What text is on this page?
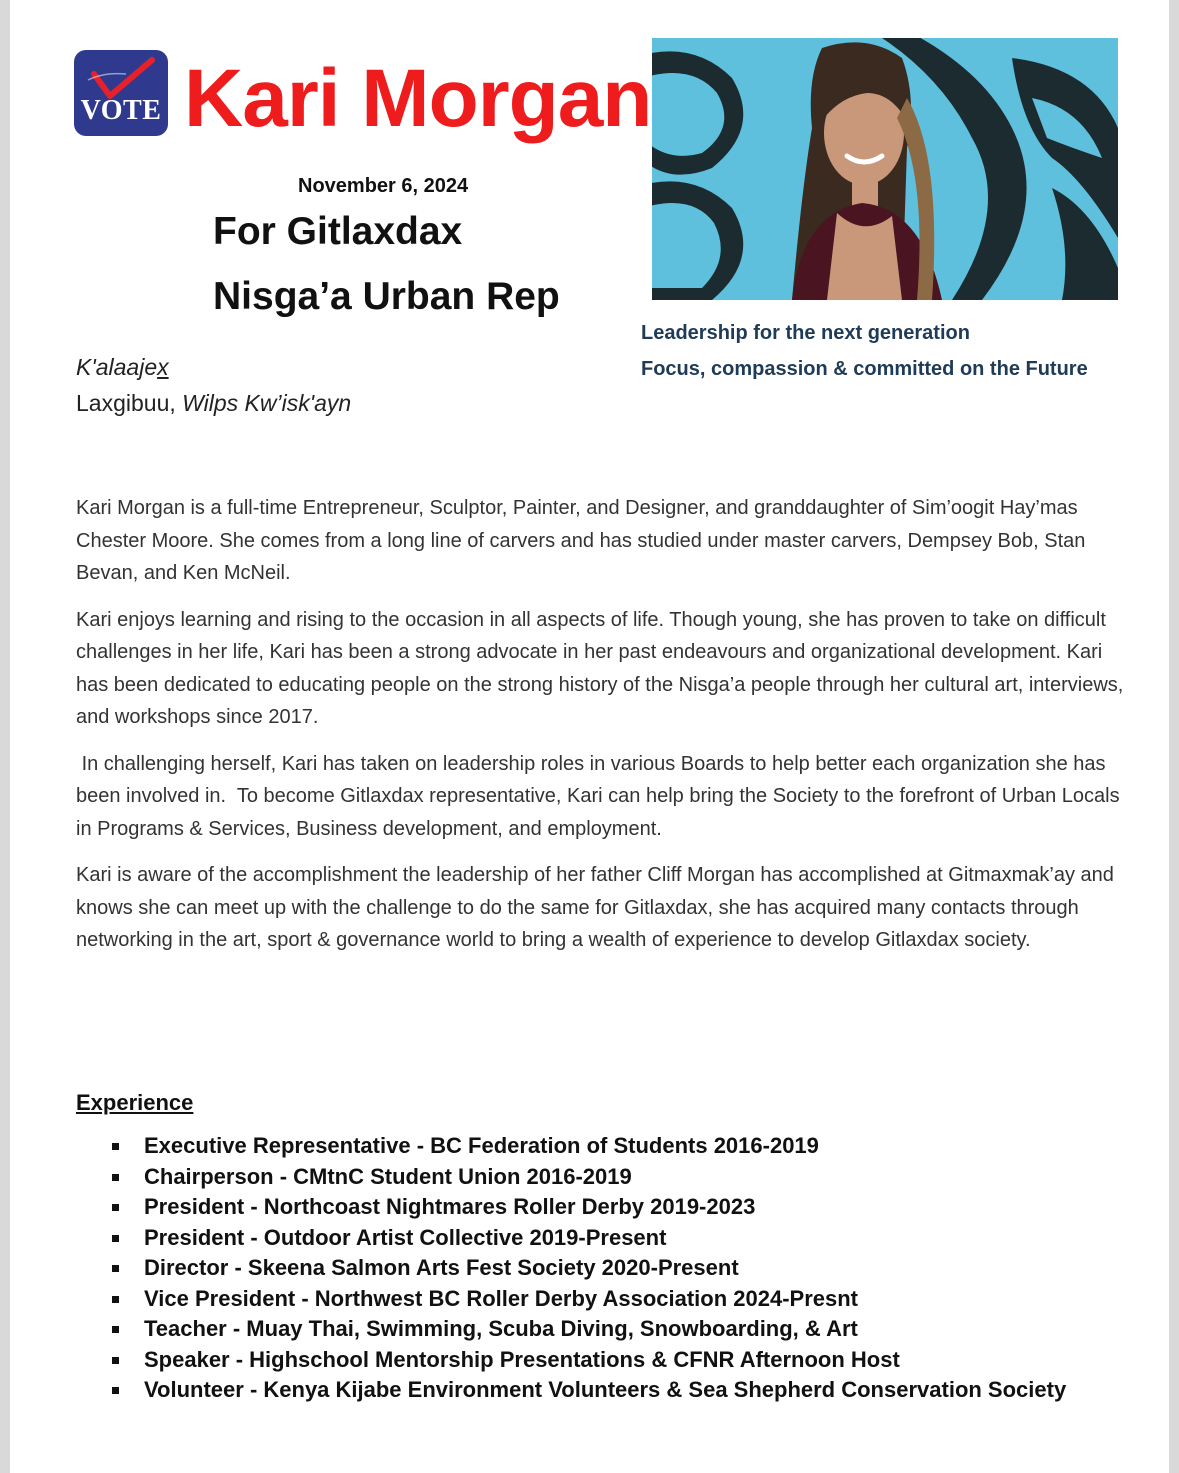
VOTE Kari Morgan
November 6, 2024
For Gitlaxdax
Nisga’a Urban Rep
Leadership for the next generation
Focus, compassion & committed on the Future
K'alaajex
Laxgibuu, Wilps Kw’isk'ayn

Kari Morgan is a full-time Entrepreneur, Sculptor, Painter, and Designer, and granddaughter of Sim’oogit Hay’mas Chester Moore. She comes from a long line of carvers and has studied under master carvers, Dempsey Bob, Stan Bevan, and Ken McNeil.

Kari enjoys learning and rising to the occasion in all aspects of life. Though young, she has proven to take on difficult challenges in her life, Kari has been a strong advocate in her past endeavours and organizational development. Kari has been dedicated to educating people on the strong history of the Nisga’a people through her cultural art, interviews, and workshops since 2017.

In challenging herself, Kari has taken on leadership roles in various Boards to help better each organization she has been involved in.  To become Gitlaxdax representative, Kari can help bring the Society to the forefront of Urban Locals in Programs & Services, Business development, and employment.

Kari is aware of the accomplishment the leadership of her father Cliff Morgan has accomplished at Gitmaxmak’ay and knows she can meet up with the challenge to do the same for Gitlaxdax, she has acquired many contacts through networking in the art, sport & governance world to bring a wealth of experience to develop Gitlaxdax society.

Experience
Executive Representative - BC Federation of Students 2016-2019
Chairperson - CMtnC Student Union 2016-2019
President - Northcoast Nightmares Roller Derby 2019-2023
President - Outdoor Artist Collective 2019-Present
Director - Skeena Salmon Arts Fest Society 2020-Present
Vice President - Northwest BC Roller Derby Association 2024-Presnt
Teacher - Muay Thai, Swimming, Scuba Diving, Snowboarding, & Art
Speaker - Highschool Mentorship Presentations & CFNR Afternoon Host
Volunteer - Kenya Kijabe Environment Volunteers & Sea Shepherd Conservation Society
